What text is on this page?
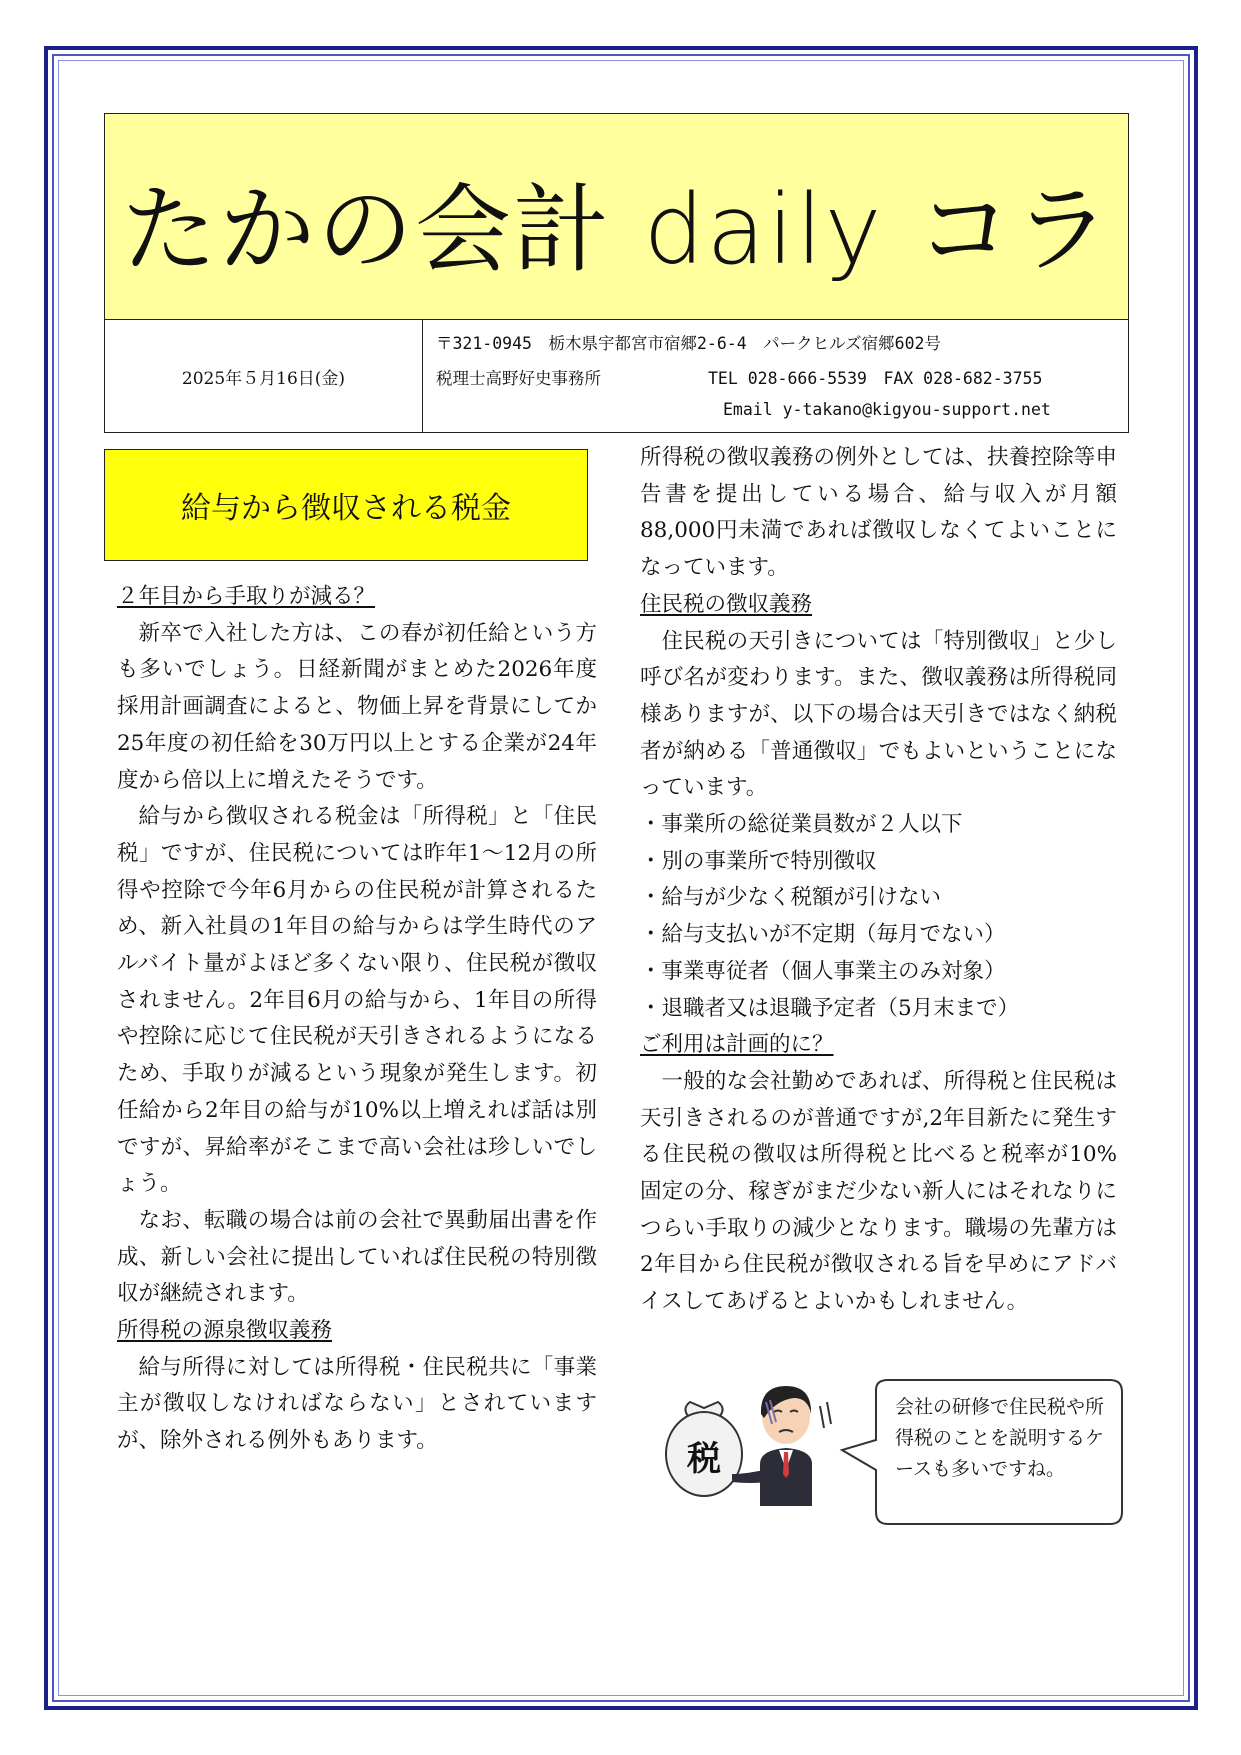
たかの会計 daily コラ
2025年５月16日(金)
〒321-0945　栃木県宇都宮市宿郷2-6-4　パークヒルズ宿郷602号
税理士高野好史事務所	TEL 028-666-5539　FAX 028-682-3755
Email y-takano@kigyou-support.net
給与から徴収される税金

２年目から手取りが減る？

新卒で入社した方は、この春が初任給という方も多いでしょう。日経新聞がまとめた2026年度採用計画調査によると、物価上昇を背景にしてか25年度の初任給を30万円以上とする企業が24年度から倍以上に増えたそうです。

給与から徴収される税金は「所得税」と「住民税」ですが、住民税については昨年1～12月の所得や控除で今年6月からの住民税が計算されるため、新入社員の1年目の給与からは学生時代のアルバイト量がよほど多くない限り、住民税が徴収されません。2年目6月の給与から、1年目の所得や控除に応じて住民税が天引きされるようになるため、手取りが減るという現象が発生します。初任給から2年目の給与が10%以上増えれば話は別ですが、昇給率がそこまで高い会社は珍しいでしょう。

なお、転職の場合は前の会社で異動届出書を作成、新しい会社に提出していれば住民税の特別徴収が継続されます。

所得税の源泉徴収義務

給与所得に対しては所得税・住民税共に「事業主が徴収しなければならない」とされていますが、除外される例外もあります。

所得税の徴収義務の例外としては、扶養控除等申告書を提出している場合、給与収入が月額88,000円未満であれば徴収しなくてよいことになっています。

住民税の徴収義務

住民税の天引きについては「特別徴収」と少し呼び名が変わります。また、徴収義務は所得税同様ありますが、以下の場合は天引きではなく納税者が納める「普通徴収」でもよいということになっています。

・事業所の総従業員数が２人以下

・別の事業所で特別徴収

・給与が少なく税額が引けない

・給与支払いが不定期（毎月でない）

・事業専従者（個人事業主のみ対象）

・退職者又は退職予定者（5月末まで）

ご利用は計画的に？

一般的な会社勤めであれば、所得税と住民税は天引きされるのが普通ですが,2年目新たに発生する住民税の徴収は所得税と比べると税率が10%固定の分、稼ぎがまだ少ない新人にはそれなりにつらい手取りの減少となります。職場の先輩方は2年目から住民税が徴収される旨を早めにアドバイスしてあげるとよいかもしれません。

税
会社の研修で住民税や所得税のことを説明するケースも多いですね。
